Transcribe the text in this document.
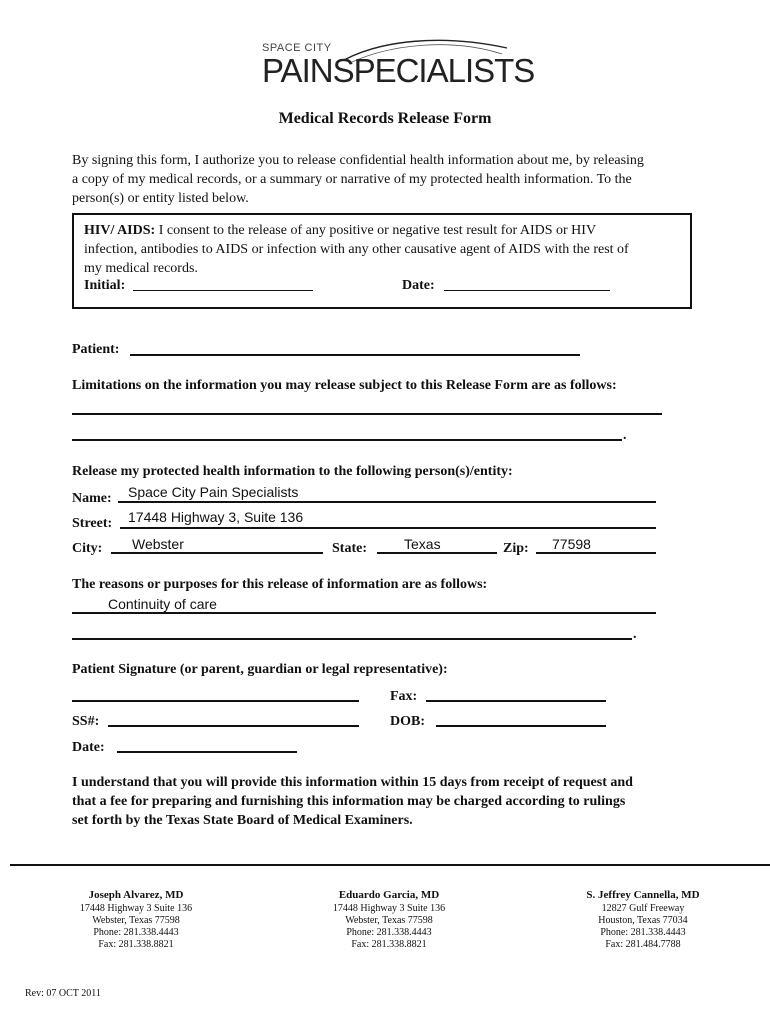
SPACE CITY
PAINSPECIALISTS
Medical Records Release Form
By signing this form, I authorize you to release confidential health information about me, by releasing
a copy of my medical records, or a summary or narrative of my protected health information. To the
person(s) or entity listed below.
HIV/ AIDS: I consent to the release of any positive or negative test result for AIDS or HIV
infection, antibodies to AIDS or infection with any other causative agent of AIDS with the rest of
my medical records.
Initial:	Date:
Patient:
Limitations on the information you may release subject to this Release Form are as follows:
.
Release my protected health information to the following person(s)/entity:
Name: Space City Pain Specialists
Street: 17448 Highway 3, Suite 136
City: Webster	State:	Texas	Zip: 77598
The reasons or purposes for this release of information are as follows:
Continuity of care
.
Patient Signature (or parent, guardian or legal representative):
Fax:
SS#:	DOB:
Date:
I understand that you will provide this information within 15 days from receipt of request and
that a fee for preparing and furnishing this information may be charged according to rulings
set forth by the Texas State Board of Medical Examiners.
Joseph Alvarez, MD
17448 Highway 3 Suite 136
Webster, Texas 77598
Phone: 281.338.4443
Fax: 281.338.8821
Eduardo Garcia, MD
17448 Highway 3 Suite 136
Webster, Texas 77598
Phone: 281.338.4443
Fax: 281.338.8821
S. Jeffrey Cannella, MD
12827 Gulf Freeway
Houston, Texas 77034
Phone: 281.338.4443
Fax: 281.484.7788
Rev: 07 OCT 2011
